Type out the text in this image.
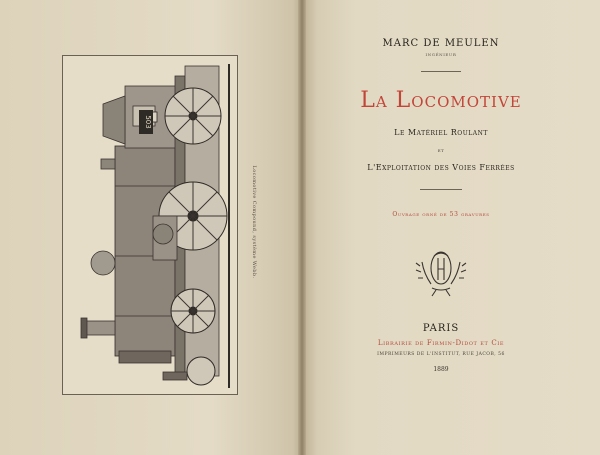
503
Locomotive Compound, système Webb.
MARC DE MEULEN
INGÉNIEUR
La Locomotive
Le Matériel Roulant
ET
L'Exploitation des Voies Ferrées
Ouvrage orné de 53 gravures
PARIS
Librairie de Firmin-Didot et Cie
IMPRIMEURS DE L'INSTITUT, RUE JACOB, 56
1889
